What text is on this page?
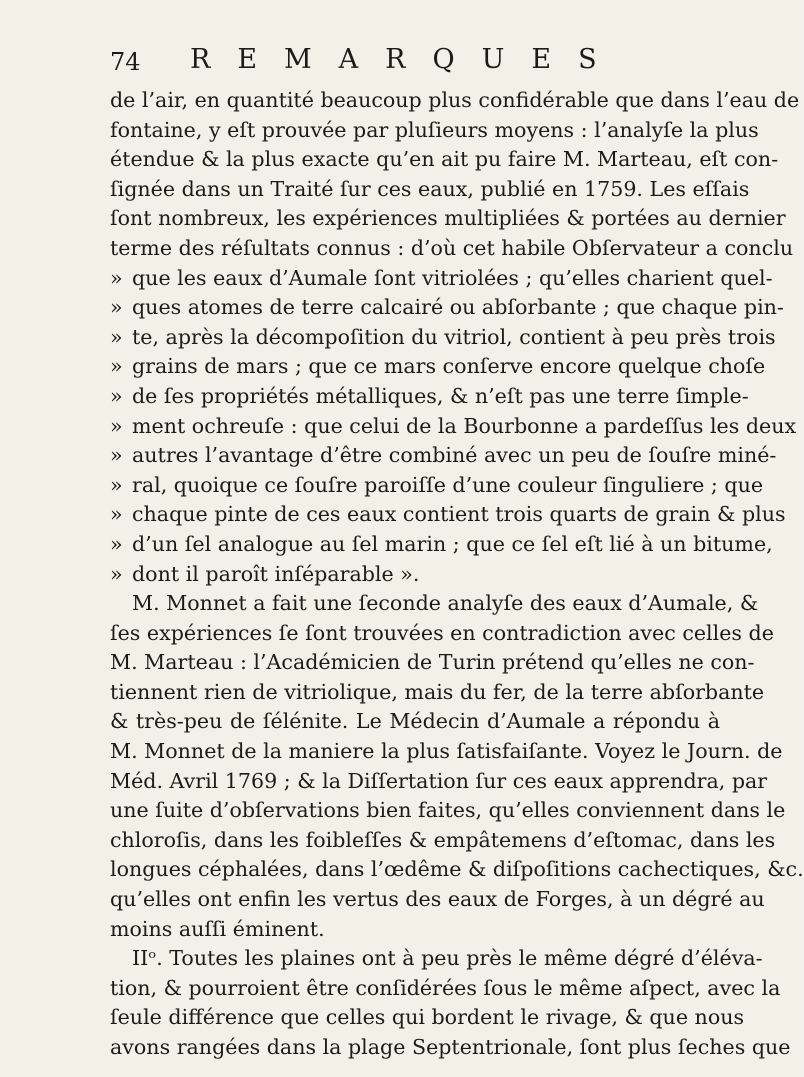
74 REMARQUES
de l’air, en quantité beaucoup plus confidérable que dans l’eau de
fontaine, y eſt prouvée par pluſieurs moyens : l’analyſe la plus
étendue & la plus exacte qu’en ait pu faire M. Marteau, eſt con-
ſignée dans un Traité ſur ces eaux, publié en 1759. Les eſſais
ſont nombreux, les expériences multipliées & portées au dernier
terme des réſultats connus : d’où cet habile Obſervateur a conclu
» que les eaux d’Aumale ſont vitriolées ; qu’elles charient quel-
» ques atomes de terre calcairé ou abſorbante ; que chaque pin-
» te, après la décompoſition du vitriol, contient à peu près trois
» grains de mars ; que ce mars conſerve encore quelque choſe
» de ſes propriétés métalliques, & n’eſt pas une terre ſimple-
» ment ochreuſe : que celui de la Bourbonne a pardeſſus les deux
» autres l’avantage d’être combiné avec un peu de ſouſre miné-
» ral, quoique ce ſouſre paroiſſe d’une couleur ſinguliere ; que
» chaque pinte de ces eaux contient trois quarts de grain & plus
» d’un ſel analogue au ſel marin ; que ce ſel eſt lié à un bitume,
» dont il paroît inſéparable ».
M. Monnet a fait une ſeconde analyſe des eaux d’Aumale, &
ſes expériences ſe ſont trouvées en contradiction avec celles de
M. Marteau : l’Académicien de Turin prétend qu’elles ne con-
tiennent rien de vitriolique, mais du fer, de la terre abſorbante
& très-peu de ſélénite. Le Médecin d’Aumale a répondu à
M. Monnet de la maniere la plus ſatisfaiſante. Voyez le Journ. de
Méd. Avril 1769 ; & la Diſſertation ſur ces eaux apprendra, par
une ſuite d’obſervations bien faites, qu’elles conviennent dans le
chloroſis, dans les foibleſſes & empâtemens d’eſtomac, dans les
longues céphalées, dans l’œdême & diſpoſitions cachectiques, &c.
qu’elles ont enfin les vertus des eaux de Forges, à un dégré au
moins auſſi éminent.
IIᵒ. Toutes les plaines ont à peu près le même dégré d’éléva-
tion, & pourroient être conſidérées ſous le même aſpect, avec la
ſeule différence que celles qui bordent le rivage, & que nous
avons rangées dans la plage Septentrionale, ſont plus ſeches que
